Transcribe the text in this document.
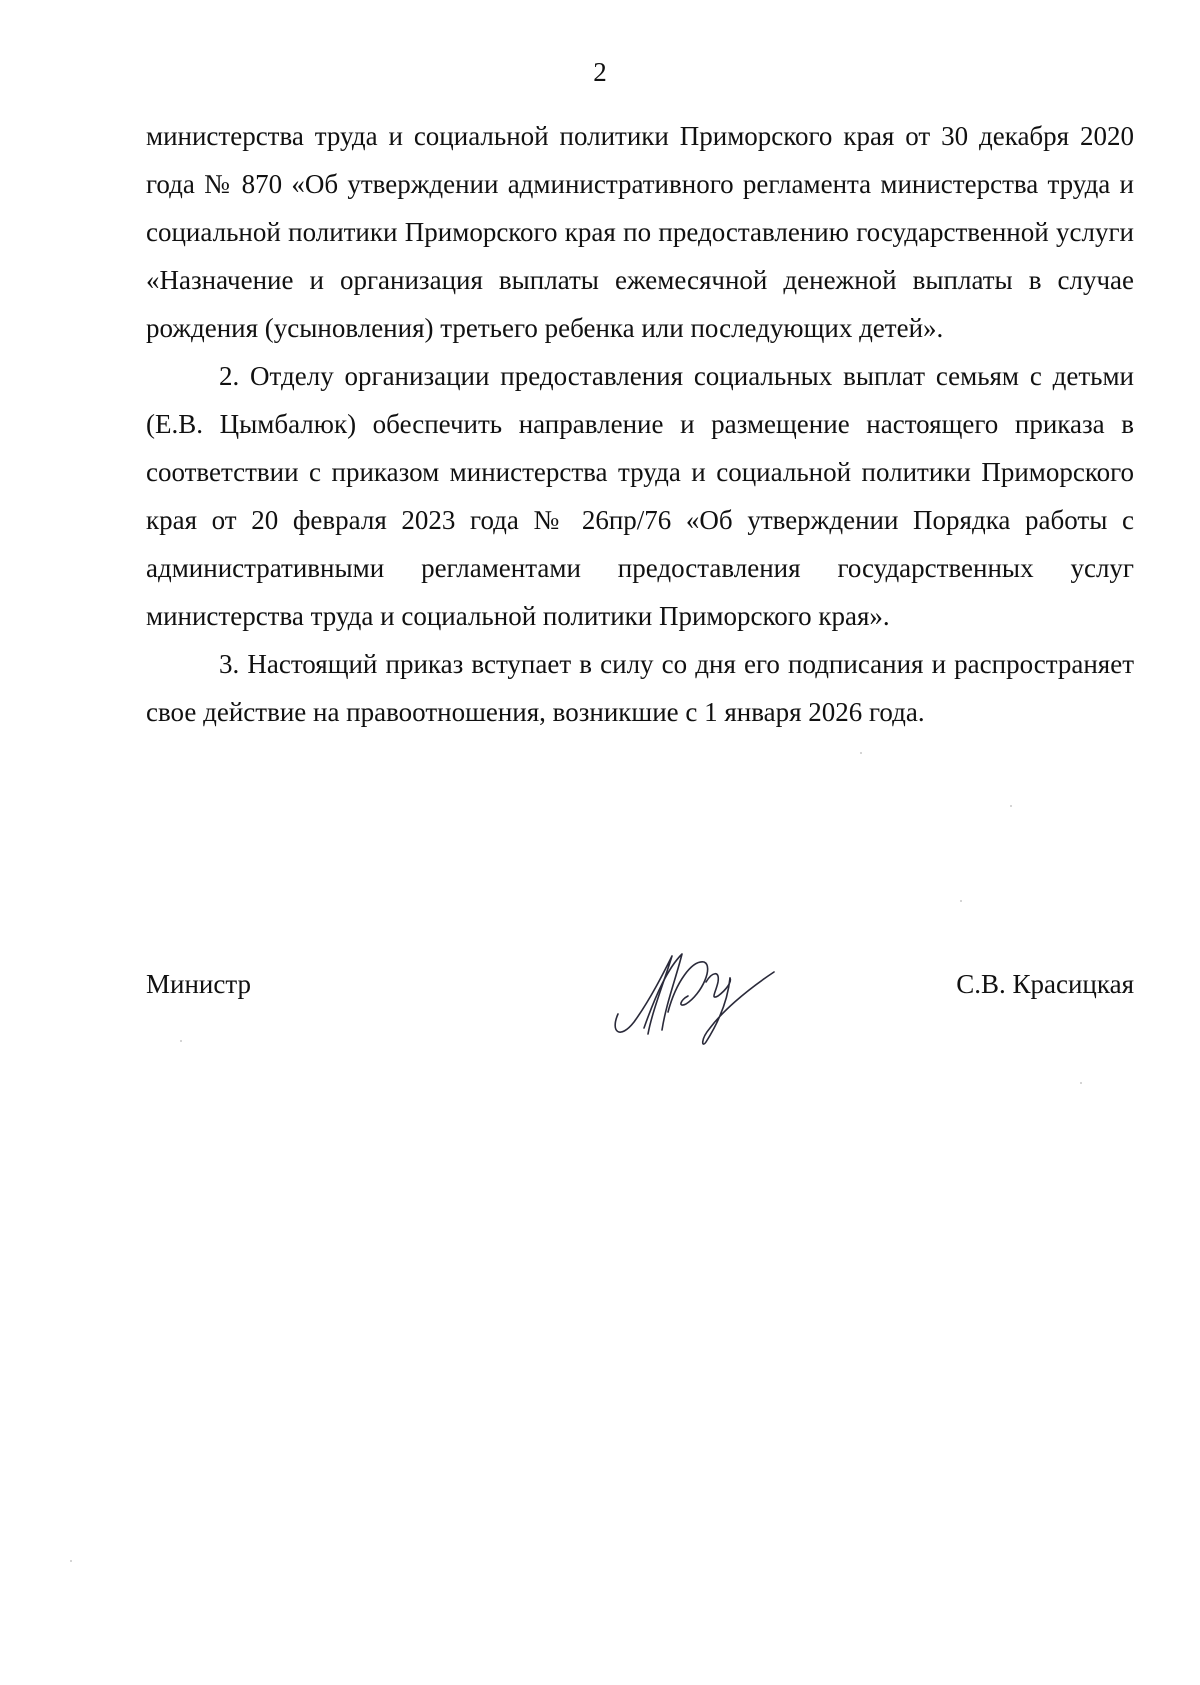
2

министерства труда и социальной политики Приморского края от 30 декабря 2020 года № 870 «Об утверждении административного регламента министерства труда и социальной политики Приморского края по предоставлению государственной услуги «Назначение и организация выплаты ежемесячной денежной выплаты в случае рождения (усыновления) третьего ребенка или последующих детей».

2. Отделу организации предоставления социальных выплат семьям с детьми (Е.В. Цымбалюк) обеспечить направление и размещение настоящего приказа в соответствии с приказом министерства труда и социальной политики Приморского края от 20 февраля 2023 года № 26пр/76 «Об утверждении Порядка работы с административными регламентами предоставления государственных услуг министерства труда и социальной политики Приморского края».

3. Настоящий приказ вступает в силу со дня его подписания и распространяет свое действие на правоотношения, возникшие с 1 января 2026 года.

Министр	С.В. Красицкая
